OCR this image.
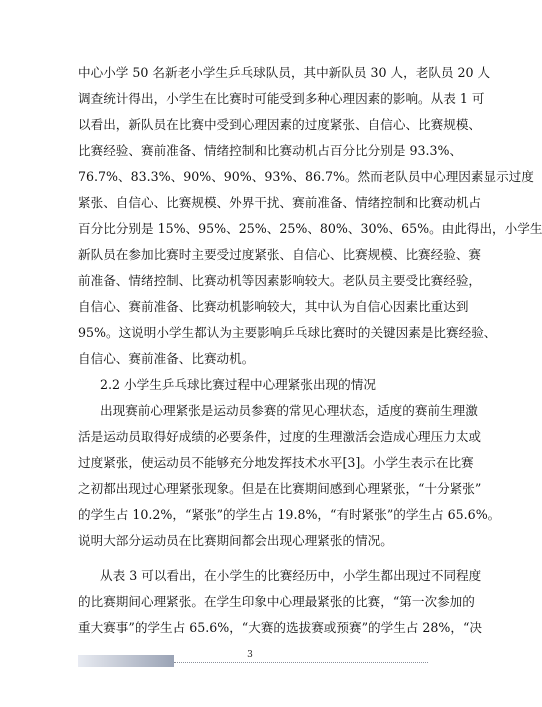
中心小学 50 名新老小学生乒乓球队员，其中新队员 30 人，老队员 20 人
调查统计得出，小学生在比赛时可能受到多种心理因素的影响。从表 1 可
以看出，新队员在比赛中受到心理因素的过度紧张、自信心、比赛规模、
比赛经验、赛前准备、情绪控制和比赛动机占百分比分别是 93.3%、
76.7%、83.3%、90%、90%、93%、86.7%。然而老队员中心理因素显示过度
紧张、自信心、比赛规模、外界干扰、赛前准备、情绪控制和比赛动机占
百分比分别是 15%、95%、25%、25%、80%、30%、65%。由此得出，小学生
新队员在参加比赛时主要受过度紧张、自信心、比赛规模、比赛经验、赛
前准备、情绪控制、比赛动机等因素影响较大。老队员主要受比赛经验，
自信心、赛前准备、比赛动机影响较大，其中认为自信心因素比重达到
95%。这说明小学生都认为主要影响乒乓球比赛时的关键因素是比赛经验、
自信心、赛前准备、比赛动机。
2.2 小学生乒乓球比赛过程中心理紧张出现的情况
出现赛前心理紧张是运动员参赛的常见心理状态，适度的赛前生理激
活是运动员取得好成绩的必要条件，过度的生理激活会造成心理压力太或
过度紧张，使运动员不能够充分地发挥技术水平[3]。小学生表示在比赛
之初都出现过心理紧张现象。但是在比赛期间感到心理紧张，“十分紧张”
的学生占 10.2%，“紧张”的学生占 19.8%，“有时紧张”的学生占 65.6%。
说明大部分运动员在比赛期间都会出现心理紧张的情况。
从表 3 可以看出，在小学生的比赛经历中，小学生都出现过不同程度
的比赛期间心理紧张。在学生印象中心理最紧张的比赛，“第一次参加的
重大赛事”的学生占 65.6%，“大赛的选拔赛或预赛”的学生占 28%，“决
3
